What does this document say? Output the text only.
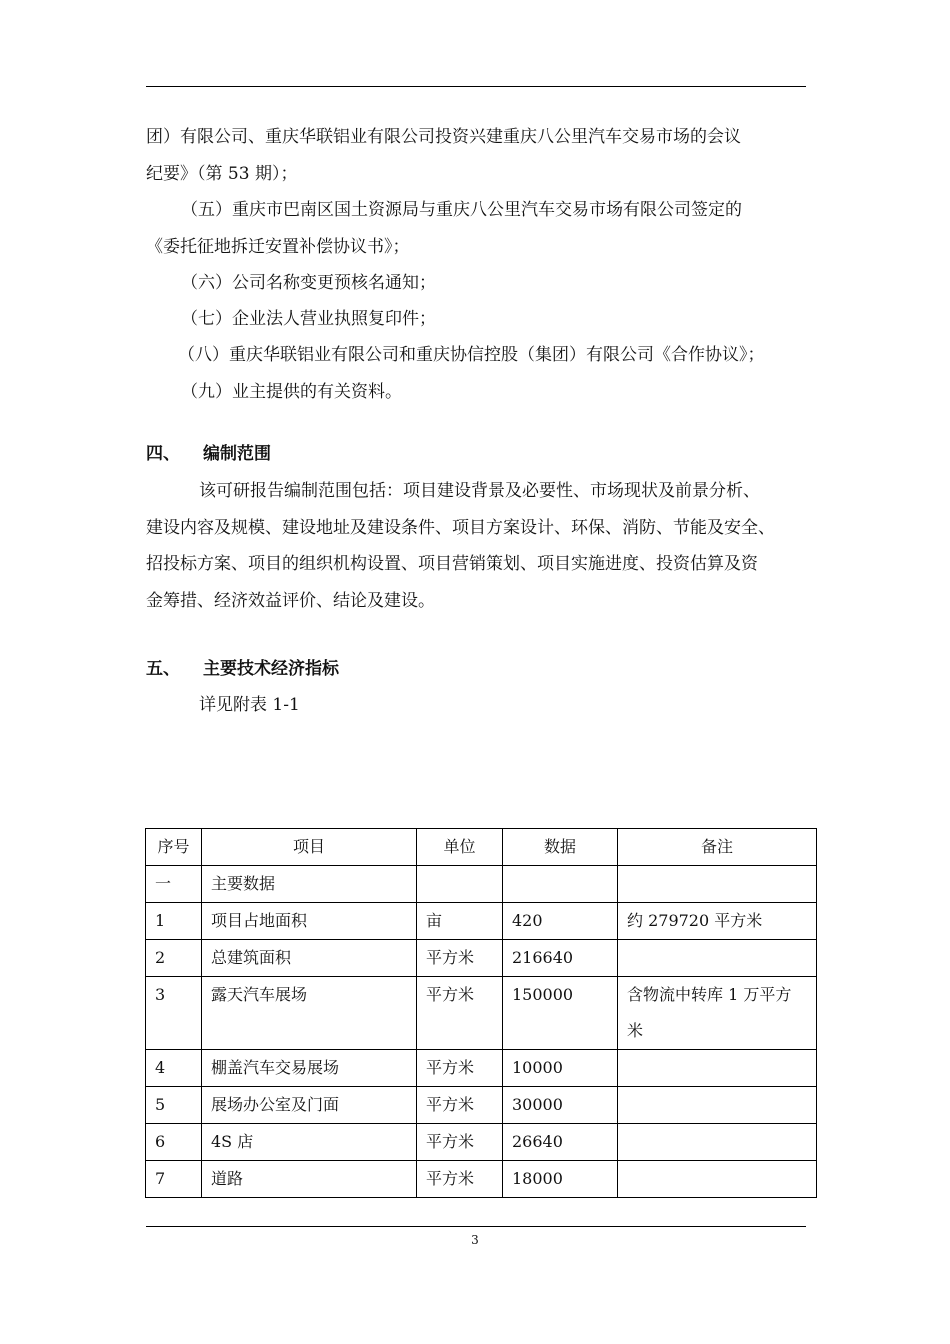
团）有限公司、重庆华联铝业有限公司投资兴建重庆八公里汽车交易市场的会议
纪要》（第 53 期）；
（五）重庆市巴南区国土资源局与重庆八公里汽车交易市场有限公司签定的
《委托征地拆迁安置补偿协议书》；
（六）公司名称变更预核名通知；
（七）企业法人营业执照复印件；
（八）重庆华联铝业有限公司和重庆协信控股（集团）有限公司《合作协议》；
（九）业主提供的有关资料。
四、 编制范围
该可研报告编制范围包括：项目建设背景及必要性、市场现状及前景分析、
建设内容及规模、建设地址及建设条件、项目方案设计、环保、消防、节能及安全、
招投标方案、项目的组织机构设置、项目营销策划、项目实施进度、投资估算及资
金筹措、经济效益评价、结论及建设。
五、 主要技术经济指标
详见附表 1-1
序号	项目	单位	数据	备注
一	主要数据			
1	项目占地面积	亩	420	约 279720 平方米
2	总建筑面积	平方米	216640	
3	露天汽车展场	平方米	150000	含物流中转库 1 万平方米
4	棚盖汽车交易展场	平方米	10000	
5	展场办公室及门面	平方米	30000	
6	4S 店	平方米	26640	
7	道路	平方米	18000	
3
